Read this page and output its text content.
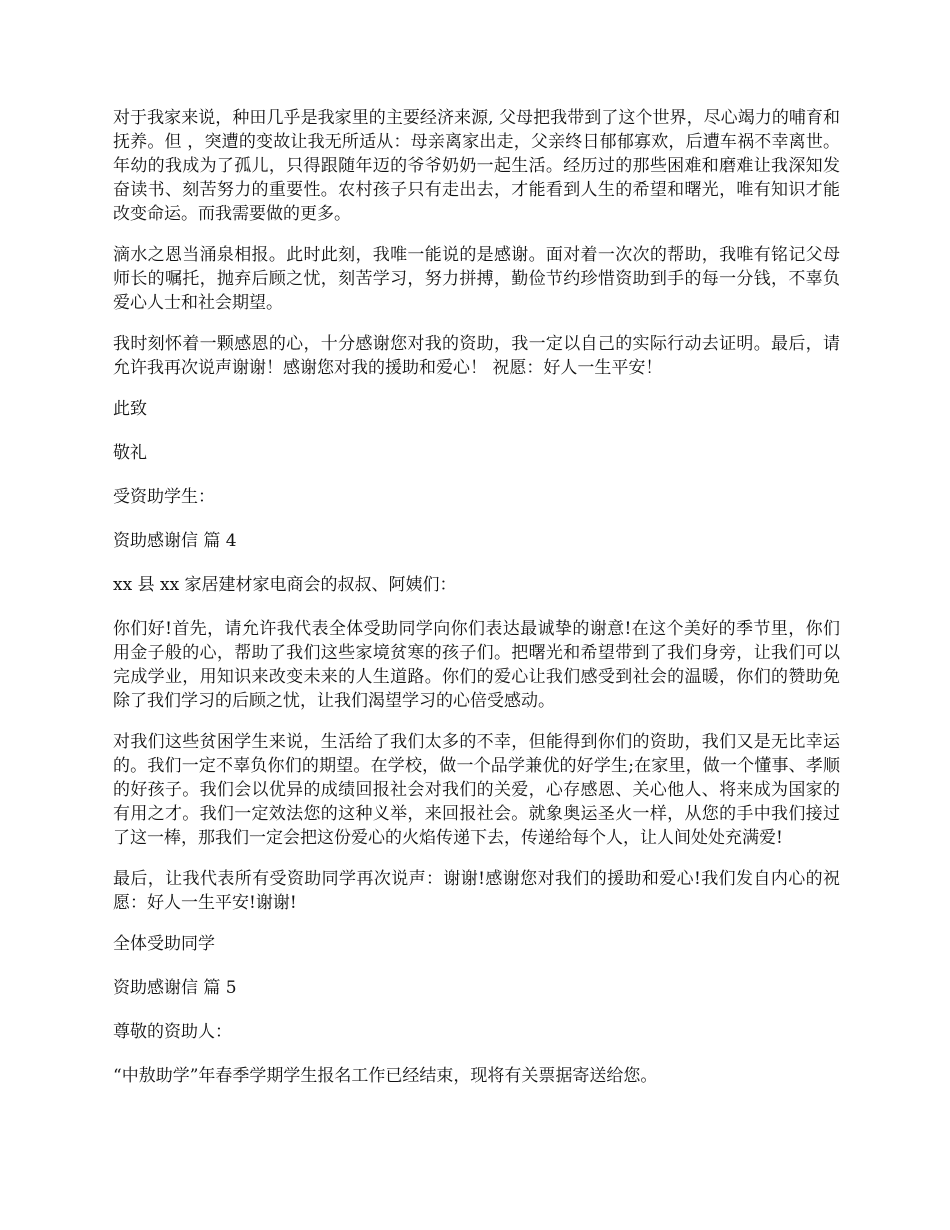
对于我家来说，种田几乎是我家里的主要经济来源, 父母把我带到了这个世界，尽心竭力的哺育和抚养。但 ，突遭的变故让我无所适从：母亲离家出走，父亲终日郁郁寡欢，后遭车祸不幸离世。年幼的我成为了孤儿，只得跟随年迈的爷爷奶奶一起生活。经历过的那些困难和磨难让我深知发奋读书、刻苦努力的重要性。农村孩子只有走出去，才能看到人生的希望和曙光，唯有知识才能改变命运。而我需要做的更多。

滴水之恩当涌泉相报。此时此刻，我唯一能说的是感谢。面对着一次次的帮助，我唯有铭记父母师长的嘱托，抛弃后顾之忧，刻苦学习，努力拼搏，勤俭节约珍惜资助到手的每一分钱，不辜负爱心人士和社会期望。

我时刻怀着一颗感恩的心，十分感谢您对我的资助，我一定以自己的实际行动去证明。最后，请允许我再次说声谢谢！感谢您对我的援助和爱心！ 祝愿：好人一生平安！

此致

敬礼

受资助学生：

资助感谢信 篇 4

xx 县 xx 家居建材家电商会的叔叔、阿姨们：

你们好!首先，请允许我代表全体受助同学向你们表达最诚挚的谢意!在这个美好的季节里，你们用金子般的心，帮助了我们这些家境贫寒的孩子们。把曙光和希望带到了我们身旁，让我们可以完成学业，用知识来改变未来的人生道路。你们的爱心让我们感受到社会的温暖，你们的赞助免除了我们学习的后顾之忧，让我们渴望学习的心倍受感动。

对我们这些贫困学生来说，生活给了我们太多的不幸，但能得到你们的资助，我们又是无比幸运的。我们一定不辜负你们的期望。在学校，做一个品学兼优的好学生;在家里，做一个懂事、孝顺的好孩子。我们会以优异的成绩回报社会对我们的关爱，心存感恩、关心他人、将来成为国家的有用之才。我们一定效法您的这种义举，来回报社会。就象奥运圣火一样，从您的手中我们接过了这一棒，那我们一定会把这份爱心的火焰传递下去，传递给每个人，让人间处处充满爱!

最后，让我代表所有受资助同学再次说声：谢谢!感谢您对我们的援助和爱心!我们发自内心的祝愿：好人一生平安!谢谢!

全体受助同学

资助感谢信 篇 5

尊敬的资助人：

“中敖助学”年春季学期学生报名工作已经结束，现将有关票据寄送给您。
